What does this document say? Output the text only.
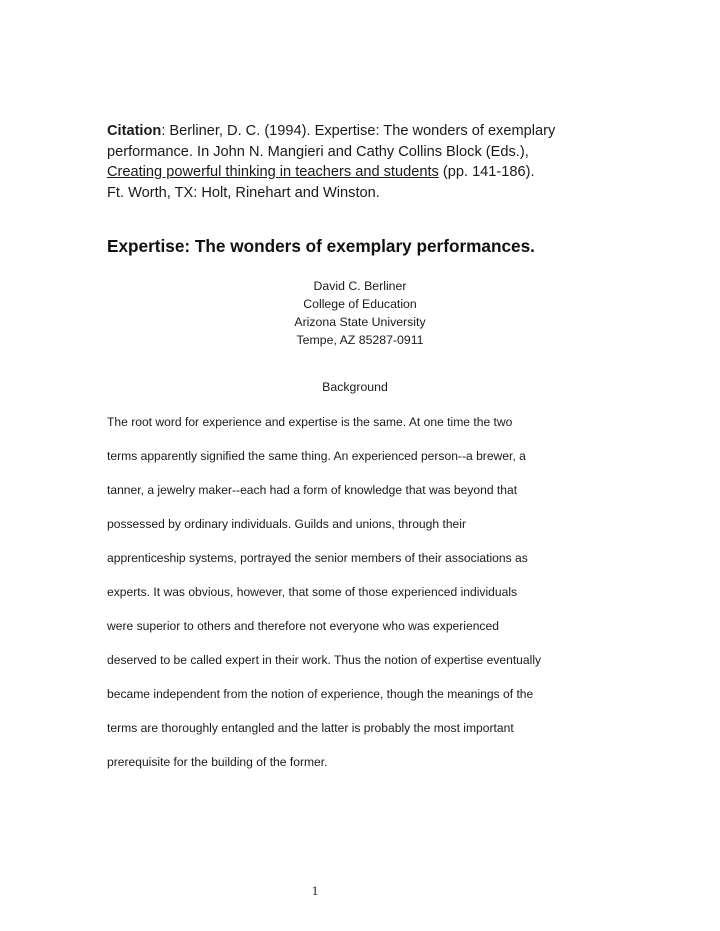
Citation: Berliner, D. C. (1994). Expertise: The wonders of exemplary
performance. In John N. Mangieri and Cathy Collins Block (Eds.),
Creating powerful thinking in teachers and students (pp. 141-186).
Ft. Worth, TX: Holt, Rinehart and Winston.
Expertise: The wonders of exemplary performances.
David C. Berliner
College of Education
Arizona State University
Tempe, AZ 85287-0911
Background
The root word for experience and expertise is the same. At one time the two
terms apparently signified the same thing. An experienced person--a brewer, a
tanner, a jewelry maker--each had a form of knowledge that was beyond that
possessed by ordinary individuals. Guilds and unions, through their
apprenticeship systems, portrayed the senior members of their associations as
experts. It was obvious, however, that some of those experienced individuals
were superior to others and therefore not everyone who was experienced
deserved to be called expert in their work. Thus the notion of expertise eventually
became independent from the notion of experience, though the meanings of the
terms are thoroughly entangled and the latter is probably the most important
prerequisite for the building of the former.
1
